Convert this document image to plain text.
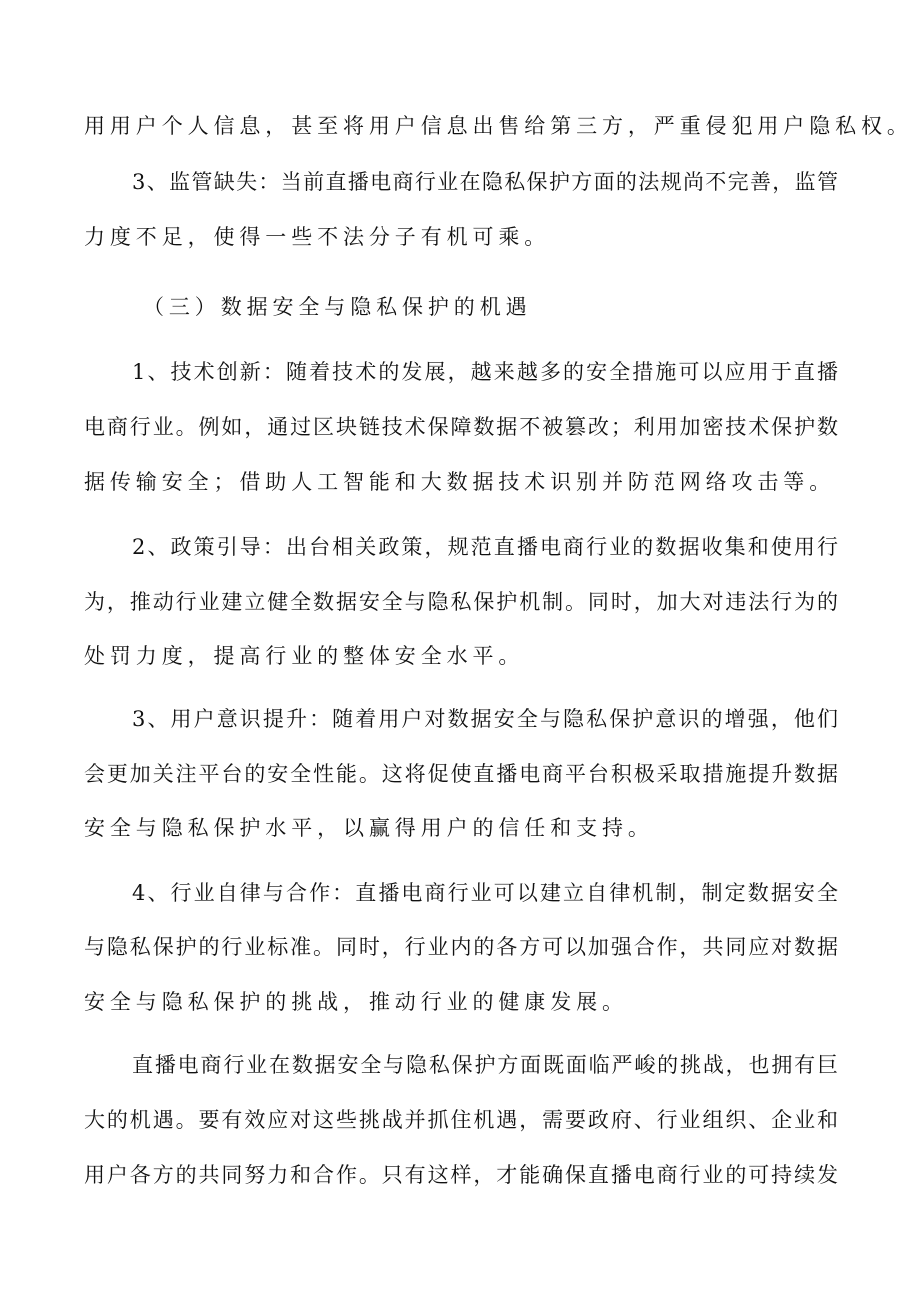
用用户个人信息，甚至将用户信息出售给第三方，严重侵犯用户隐私权。
3、监管缺失：当前直播电商行业在隐私保护方面的法规尚不完善，监管
力度不足，使得一些不法分子有机可乘。
（三）数据安全与隐私保护的机遇
1、技术创新：随着技术的发展，越来越多的安全措施可以应用于直播
电商行业。例如，通过区块链技术保障数据不被篡改；利用加密技术保护数
据传输安全；借助人工智能和大数据技术识别并防范网络攻击等。
2、政策引导：出台相关政策，规范直播电商行业的数据收集和使用行
为，推动行业建立健全数据安全与隐私保护机制。同时，加大对违法行为的
处罚力度，提高行业的整体安全水平。
3、用户意识提升：随着用户对数据安全与隐私保护意识的增强，他们
会更加关注平台的安全性能。这将促使直播电商平台积极采取措施提升数据
安全与隐私保护水平，以赢得用户的信任和支持。
4、行业自律与合作：直播电商行业可以建立自律机制，制定数据安全
与隐私保护的行业标准。同时，行业内的各方可以加强合作，共同应对数据
安全与隐私保护的挑战，推动行业的健康发展。
直播电商行业在数据安全与隐私保护方面既面临严峻的挑战，也拥有巨
大的机遇。要有效应对这些挑战并抓住机遇，需要政府、行业组织、企业和
用户各方的共同努力和合作。只有这样，才能确保直播电商行业的可持续发
